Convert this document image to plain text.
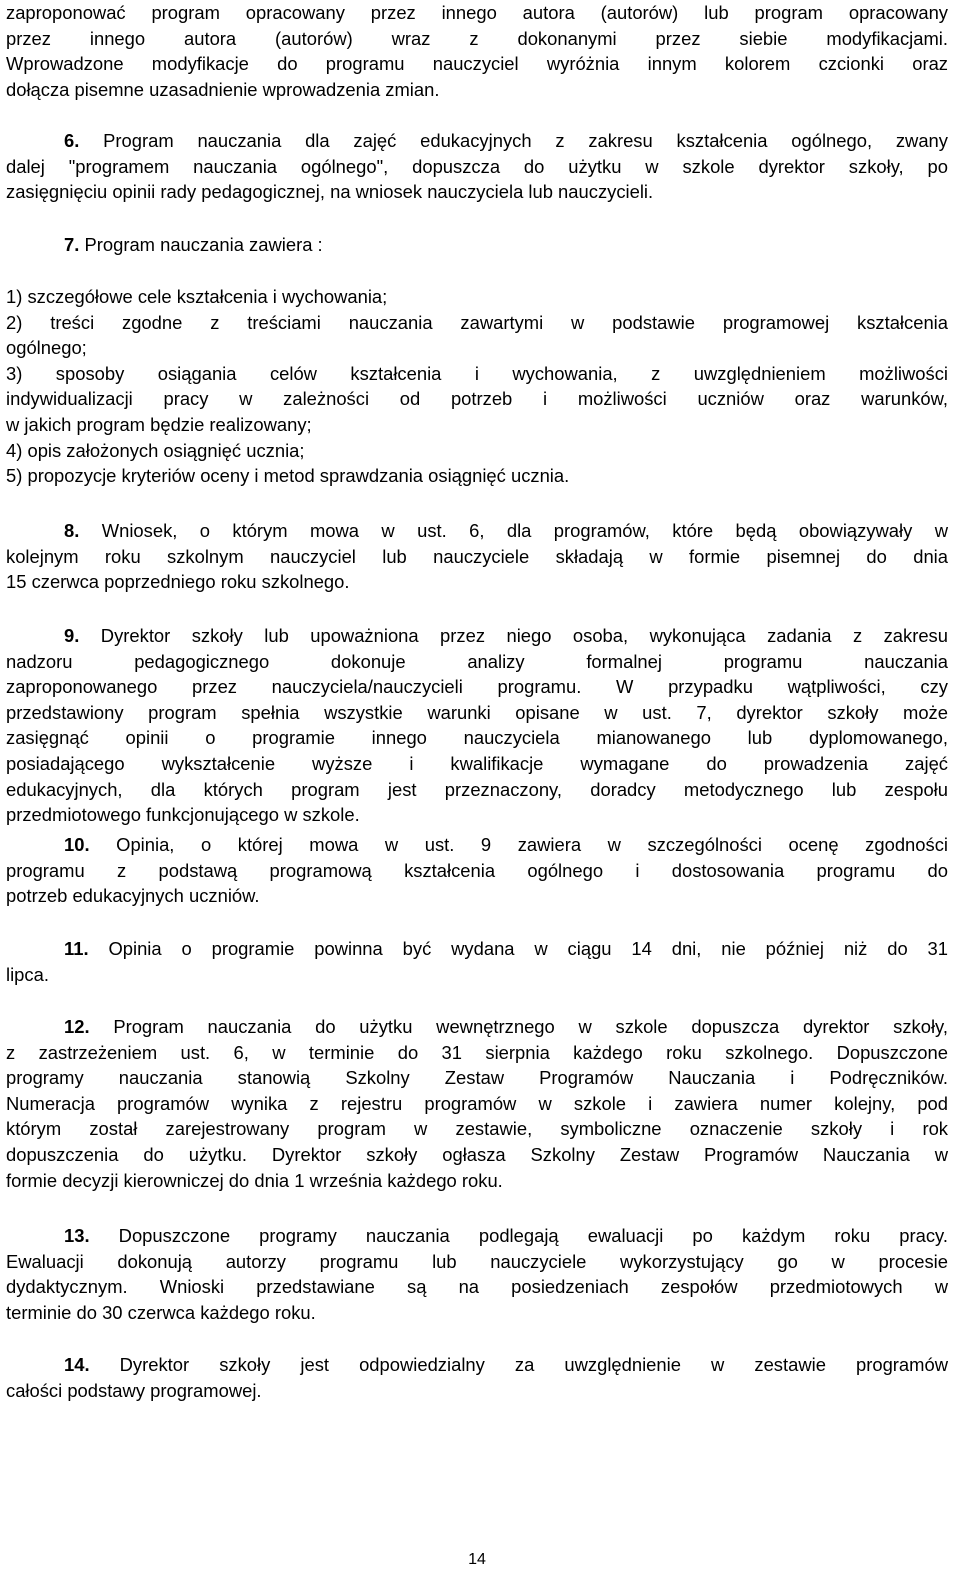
zaproponować program opracowany przez innego autora (autorów) lub program opracowany
przez innego autora (autorów) wraz z dokonanymi przez siebie modyfikacjami.
Wprowadzone modyfikacje do programu nauczyciel wyróżnia innym kolorem czcionki oraz
dołącza pisemne uzasadnienie wprowadzenia zmian.
6. Program nauczania dla zajęć edukacyjnych z zakresu kształcenia ogólnego, zwany
dalej "programem nauczania ogólnego", dopuszcza do użytku w szkole dyrektor szkoły, po
zasięgnięciu opinii rady pedagogicznej, na wniosek nauczyciela lub nauczycieli.
7. Program nauczania zawiera :
1) szczegółowe cele kształcenia i wychowania;
2) treści zgodne z treściami nauczania zawartymi w podstawie programowej kształcenia
ogólnego;
3) sposoby osiągania celów kształcenia i wychowania, z uwzględnieniem możliwości
indywidualizacji pracy w zależności od potrzeb i możliwości uczniów oraz warunków,
w jakich program będzie realizowany;
4) opis założonych osiągnięć ucznia;
5) propozycje kryteriów oceny i metod sprawdzania osiągnięć ucznia.
8. Wniosek, o którym mowa w ust. 6, dla programów, które będą obowiązywały w
kolejnym roku szkolnym nauczyciel lub nauczyciele składają w formie pisemnej do dnia
15 czerwca poprzedniego roku szkolnego.
9. Dyrektor szkoły lub upoważniona przez niego osoba, wykonująca zadania z zakresu
nadzoru pedagogicznego dokonuje analizy formalnej programu nauczania
zaproponowanego przez nauczyciela/nauczycieli programu. W przypadku wątpliwości, czy
przedstawiony program spełnia wszystkie warunki opisane w ust. 7, dyrektor szkoły może
zasięgnąć opinii o programie innego nauczyciela mianowanego lub dyplomowanego,
posiadającego wykształcenie wyższe i kwalifikacje wymagane do prowadzenia zajęć
edukacyjnych, dla których program jest przeznaczony, doradcy metodycznego lub zespołu
przedmiotowego funkcjonującego w szkole.
10. Opinia, o której mowa w ust. 9 zawiera w szczególności ocenę zgodności
programu z podstawą programową kształcenia ogólnego i dostosowania programu do
potrzeb edukacyjnych uczniów.
11. Opinia o programie powinna być wydana w ciągu 14 dni, nie później niż do 31
lipca.
12. Program nauczania do użytku wewnętrznego w szkole dopuszcza dyrektor szkoły,
z zastrzeżeniem ust. 6, w terminie do 31 sierpnia każdego roku szkolnego. Dopuszczone
programy nauczania stanowią Szkolny Zestaw Programów Nauczania i Podręczników.
Numeracja programów wynika z rejestru programów w szkole i zawiera numer kolejny, pod
którym został zarejestrowany program w zestawie, symboliczne oznaczenie szkoły i rok
dopuszczenia do użytku. Dyrektor szkoły ogłasza Szkolny Zestaw Programów Nauczania w
formie decyzji kierowniczej do dnia 1 września każdego roku.
13. Dopuszczone programy nauczania podlegają ewaluacji po każdym roku pracy.
Ewaluacji dokonują autorzy programu lub nauczyciele wykorzystujący go w procesie
dydaktycznym. Wnioski przedstawiane są na posiedzeniach zespołów przedmiotowych w
terminie do 30 czerwca każdego roku.
14. Dyrektor szkoły jest odpowiedzialny za uwzględnienie w zestawie programów
całości podstawy programowej.
14
